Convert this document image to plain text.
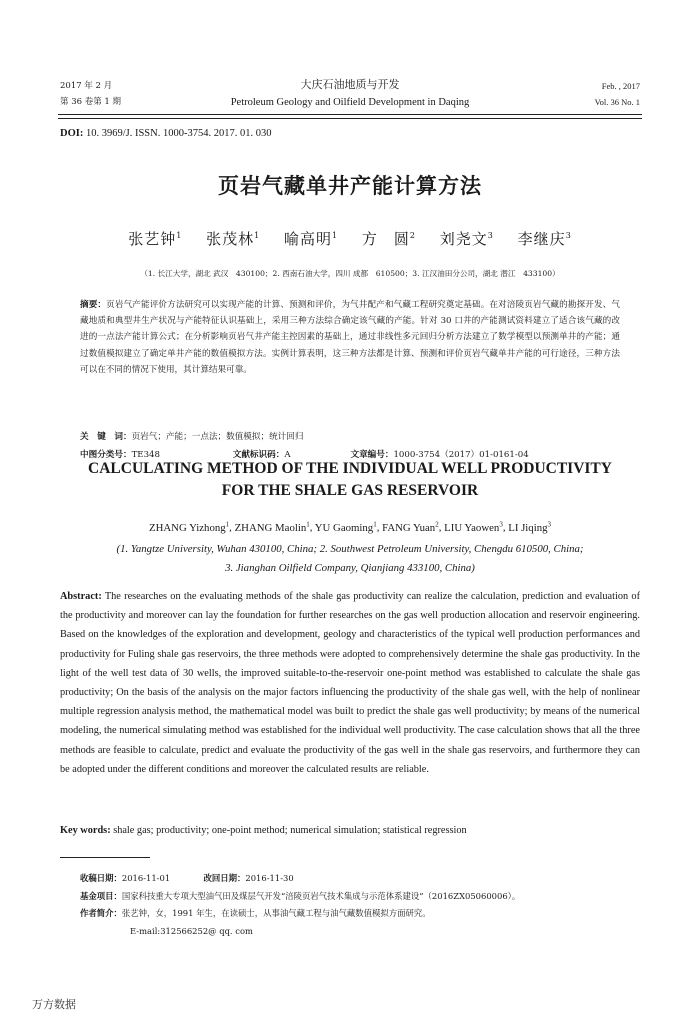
2017 年 2 月
第 36 卷第 1 期
大庆石油地质与开发
Petroleum Geology and Oilfield Development in Daqing
Feb. , 2017
Vol. 36 No. 1
DOI: 10. 3969/J. ISSN. 1000-3754. 2017. 01. 030
页岩气藏单井产能计算方法
张艺钟$^1$ 张茂林$^1$ 喻高明$^1$ 方　圆$^2$ 刘尧文$^3$ 李继庆$^3$
（1. 长江大学，湖北 武汉　430100；2. 西南石油大学，四川 成都　610500；3. 江汉油田分公司，湖北 潜江　433100）
摘要：页岩气产能评价方法研究可以实现产能的计算、预测和评价，为气井配产和气藏工程研究奠定基础。在对涪陵页岩气藏的勘探开发、气藏地质和典型井生产状况与产能特征认识基础上，采用三种方法综合确定该气藏的产能。针对 30 口井的产能测试资料建立了适合该气藏的改进的一点法产能计算公式；在分析影响页岩气井产能主控因素的基础上，通过非线性多元回归分析方法建立了数学模型以预测单井的产能；通过数值模拟建立了确定单井产能的数值模拟方法。实例计算表明，这三种方法都是计算、预测和评价页岩气藏单井产能的可行途径，三种方法可以在不同的情况下使用，其计算结果可靠。
关　键　词：页岩气；产能；一点法；数值模拟；统计回归
中图分类号：TE348	文献标识码：A	文章编号：1000-3754（2017）01-0161-04
CALCULATING METHOD OF THE INDIVIDUAL WELL PRODUCTIVITY
FOR THE SHALE GAS RESERVOIR
ZHANG Yizhong$^1$, ZHANG Maolin$^1$, YU Gaoming$^1$, FANG Yuan$^2$, LIU Yaowen$^3$, LI Jiqing$^3$
(1. Yangtze University, Wuhan 430100, China; 2. Southwest Petroleum University, Chengdu 610500, China;
3. Jianghan Oilfield Company, Qianjiang 433100, China)
Abstract: The researches on the evaluating methods of the shale gas productivity can realize the calculation, prediction and evaluation of the productivity and moreover can lay the foundation for further researches on the gas well production allocation and reservoir engineering. Based on the knowledges of the exploration and development, geology and characteristics of the typical well production performances and productivity for Fuling shale gas reservoirs, the three methods were adopted to comprehensively determine the shale gas productivity. In the light of the well test data of 30 wells, the improved suitable-to-the-reservoir one-point method was established to calculate the shale gas productivity; On the basis of the analysis on the major factors influencing the productivity of the shale gas well, with the help of nonlinear multiple regression analysis method, the mathematical model was built to predict the shale gas well productivity; by means of the numerical modeling, the numerical simulating method was established for the individual well productivity. The case calculation shows that all the three methods are feasible to calculate, predict and evaluate the productivity of the gas well in the shale gas reservoirs, and furthermore they can be adopted under the different conditions and moreover the calculated results are reliable.
Key words: shale gas; productivity; one-point method; numerical simulation; statistical regression
收稿日期：2016-11-01	改回日期：2016-11-30
基金项目：国家科技重大专项大型油气田及煤层气开发“涪陵页岩气技术集成与示范体系建设”（2016ZX05060006）。
作者简介：张艺钟，女，1991 年生，在读硕士，从事油气藏工程与油气藏数值模拟方面研究。
E-mail:312566252@ qq. com
万方数据
